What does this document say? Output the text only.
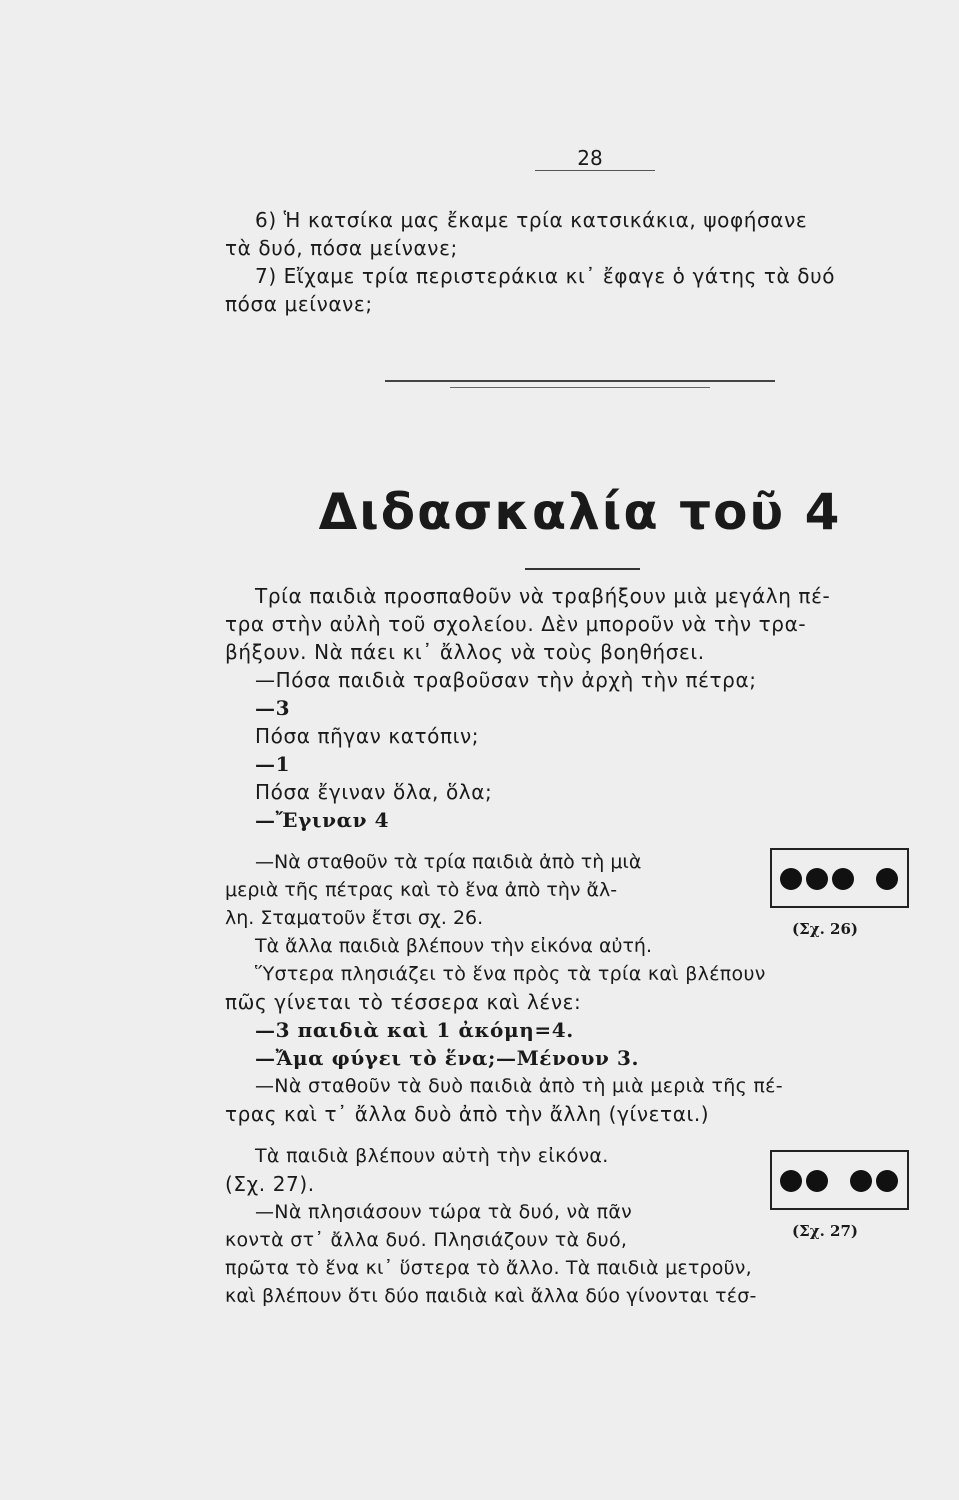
28
6) Ἡ κατσίκα μας ἔκαμε τρία κατσικάκια, ψοφήσανε
τὰ δυό, πόσα μείνανε;
7) Εἴχαμε τρία περιστεράκια κι᾽ ἔφαγε ὁ γάτης τὰ δυό
πόσα μείνανε;
Διδασκαλία τοῦ 4
Τρία παιδιὰ προσπαθοῦν νὰ τραβήξουν μιὰ μεγάλη πέ-
τρα στὴν αὐλὴ τοῦ σχολείου. Δὲν μποροῦν νὰ τὴν τρα-
βήξουν. Νὰ πάει κι᾽ ἄλλος νὰ τοὺς βοηθήσει.
—Πόσα παιδιὰ τραβοῦσαν τὴν ἀρχὴ τὴν πέτρα;
—3
Πόσα πῆγαν κατόπιν;
—1
Πόσα ἔγιναν ὅλα, ὅλα;
—Ἔγιναν 4
—Νὰ σταθοῦν τὰ τρία παιδιὰ ἀπὸ τὴ μιὰ
μεριὰ τῆς πέτρας καὶ τὸ ἕνα ἀπὸ τὴν ἄλ-
λη. Σταματοῦν ἔτσι σχ. 26.
Τὰ ἄλλα παιδιὰ βλέπουν τὴν εἰκόνα αὐτή.
(Σχ. 26)
Ὕστερα πλησιάζει τὸ ἕνα πρὸς τὰ τρία καὶ βλέπουν
πῶς γίνεται τὸ τέσσερα καὶ λένε:
—3 παιδιὰ καὶ 1 ἀκόμη=4.
—Ἄμα φύγει τὸ ἕνα;—Μένουν 3.
—Νὰ σταθοῦν τὰ δυὸ παιδιὰ ἀπὸ τὴ μιὰ μεριὰ τῆς πέ-
τρας καὶ τ᾽ ἄλλα δυὸ ἀπὸ τὴν ἄλλη (γίνεται.)
Τὰ παιδιὰ βλέπουν αὐτὴ τὴν εἰκόνα.
(Σχ. 27).
—Νὰ πλησιάσουν τώρα τὰ δυό, νὰ πᾶν
κοντὰ στ᾽ ἄλλα δυό. Πλησιάζουν τὰ δυό,	(Σχ. 27)
πρῶτα τὸ ἕνα κι᾽ ὕστερα τὸ ἄλλο. Τὰ παιδιὰ μετροῦν,
καὶ βλέπουν ὅτι δύο παιδιὰ καὶ ἄλλα δύο γίνονται τέσ-
